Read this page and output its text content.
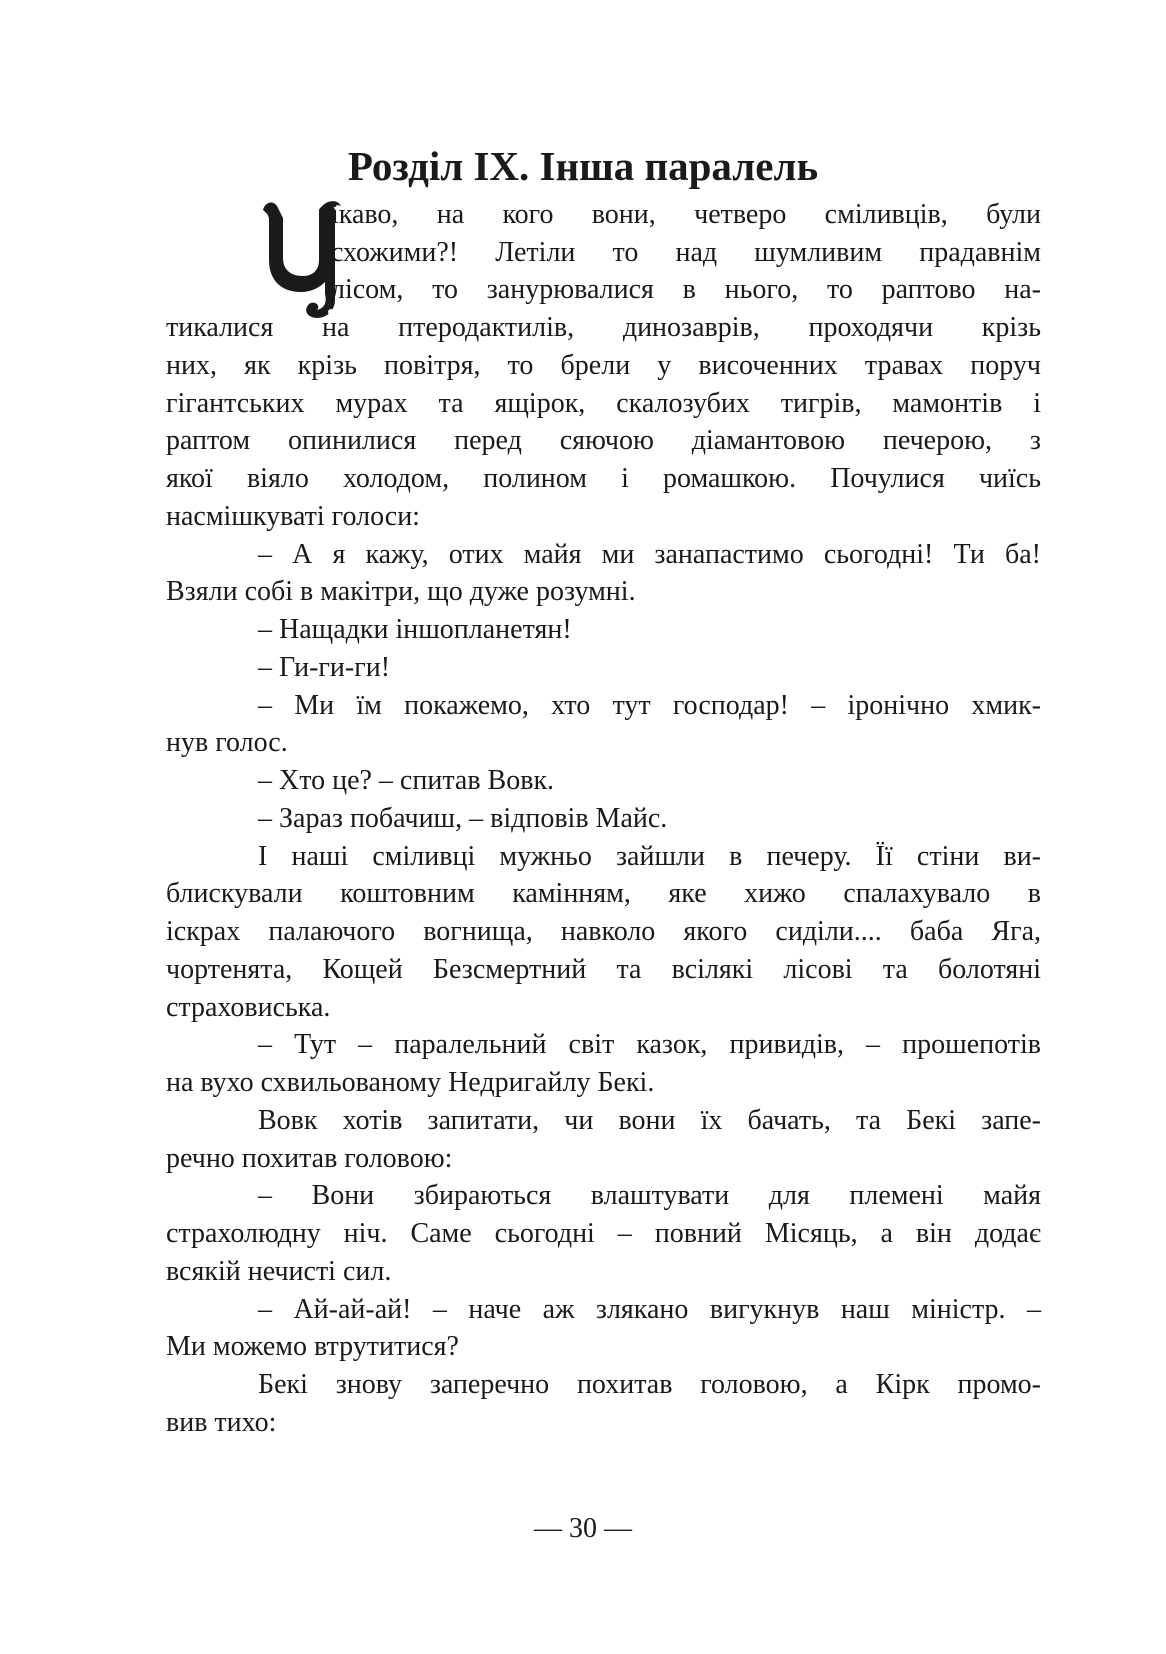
Розділ ІХ. Інша паралель
ікаво, на кого вони, четверо сміливців, були
схожими?! Летіли то над шумливим прадавнім
лісом, то занурювалися в нього, то раптово на-
тикалися на птеродактилів, динозаврів, проходячи крізь
них, як крізь повітря, то брели у височенних травах поруч
гігантських мурах та ящірок, скалозубих тигрів, мамонтів і
раптом опинилися перед сяючою діамантовою печерою, з
якої віяло холодом, полином і ромашкою. Почулися чиїсь
насмішкуваті голоси:
– А я кажу, отих майя ми занапастимо сьогодні! Ти ба!
Взяли собі в макітри, що дуже розумні.
– Нащадки іншопланетян!
– Ги-ги-ги!
– Ми їм покажемо, хто тут господар! – іронічно хмик-
нув голос.
– Хто це? – спитав Вовк.
– Зараз побачиш, – відповів Майс.
І наші сміливці мужньо зайшли в печеру. Її стіни ви-
блискували коштовним камінням, яке хижо спалахувало в
іскрах палаючого вогнища, навколо якого сиділи.... баба Яга,
чортенята, Кощей Безсмертний та всілякі лісові та болотяні
страховиська.
– Тут – паралельний світ казок, привидів, – прошепотів
на вухо схвильованому Недригайлу Бекі.
Вовк хотів запитати, чи вони їх бачать, та Бекі запе-
речно похитав головою:
– Вони збираються влаштувати для племені майя
страхолюдну ніч. Саме сьогодні – повний Місяць, а він додає
всякій нечисті сил.
– Ай-ай-ай! – наче аж злякано вигукнув наш міністр. –
Ми можемо втрутитися?
Бекі знову заперечно похитав головою, а Кірк промо-
вив тихо:
— 30 —
